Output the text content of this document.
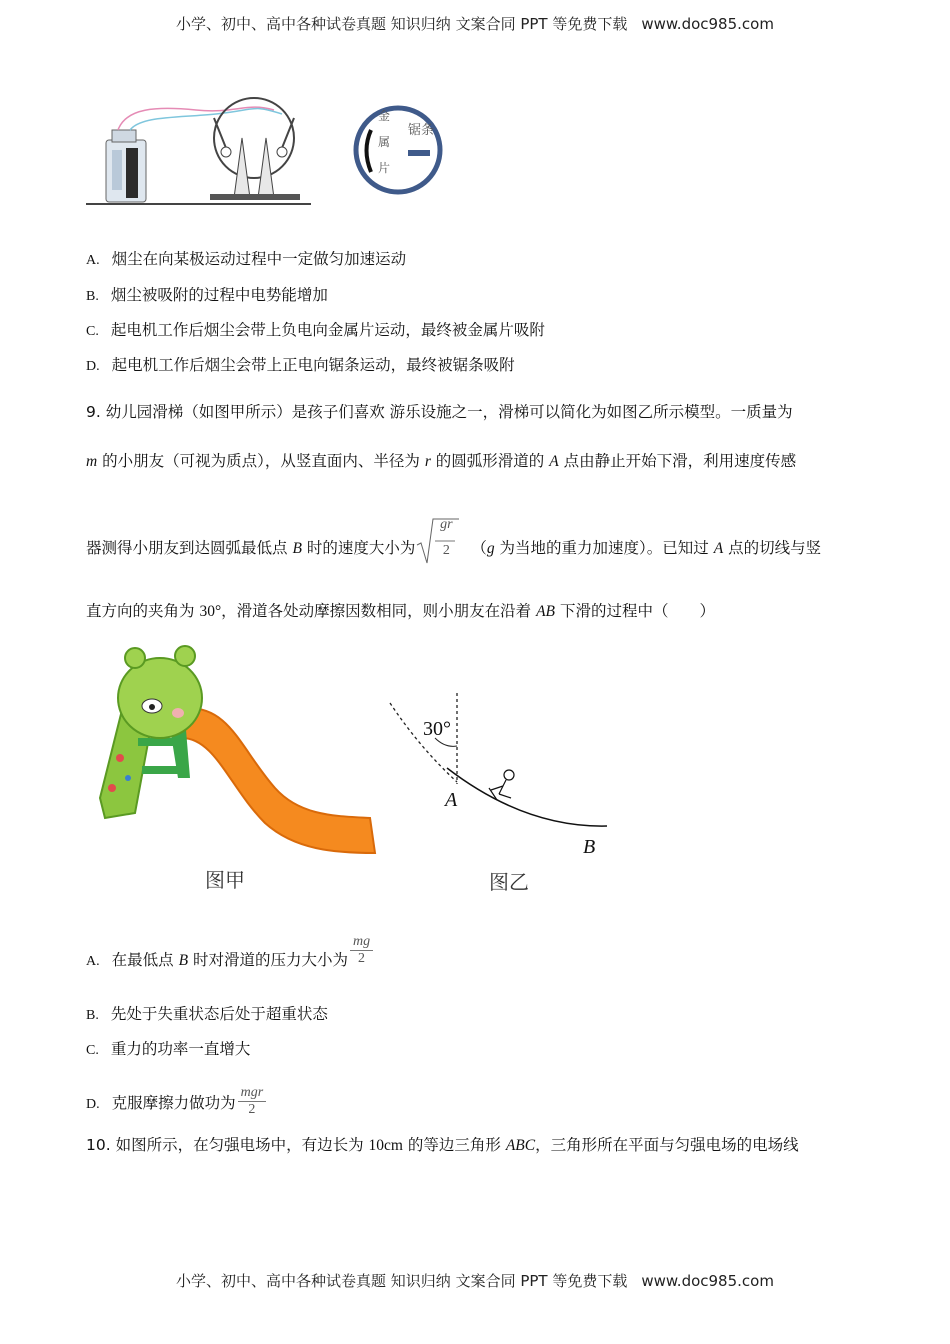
小学、初中、高中各种试卷真题 知识归纳 文案合同 PPT 等免费下载 www.doc985.com
金
属
片
锯条
A. 烟尘在向某极运动过程中一定做匀加速运动
B. 烟尘被吸附的过程中电势能增加
C. 起电机工作后烟尘会带上负电向金属片运动，最终被金属片吸附
D. 起电机工作后烟尘会带上正电向锯条运动，最终被锯条吸附
9. 幼儿园滑梯（如图甲所示）是孩子们喜欢 游乐设施之一，滑梯可以简化为如图乙所示模型。一质量为
m 的小朋友（可视为质点），从竖直面内、半径为 r 的圆弧形滑道的 A 点由静止开始下滑，利用速度传感
器测得小朋友到达圆弧最低点 B 时的速度大小为
gr
2	（g 为当地的重力加速度）。已知过 A 点的切线与竖
直方向的夹角为 30°，滑道各处动摩擦因数相同，则小朋友在沿着 AB 下滑的过程中（　　）
图甲
30°
A
B
图乙
A. 在最低点 B 时对滑道的压力大小为 $\frac{mg}{2}$
B. 先处于失重状态后处于超重状态
C. 重力的功率一直增大
D. 克服摩擦力做功为 $\frac{\text{mgr}}{2}$
10. 如图所示，在匀强电场中，有边长为 10cm 的等边三角形 ABC，三角形所在平面与匀强电场的电场线
小学、初中、高中各种试卷真题 知识归纳 文案合同 PPT 等免费下载 www.doc985.com
